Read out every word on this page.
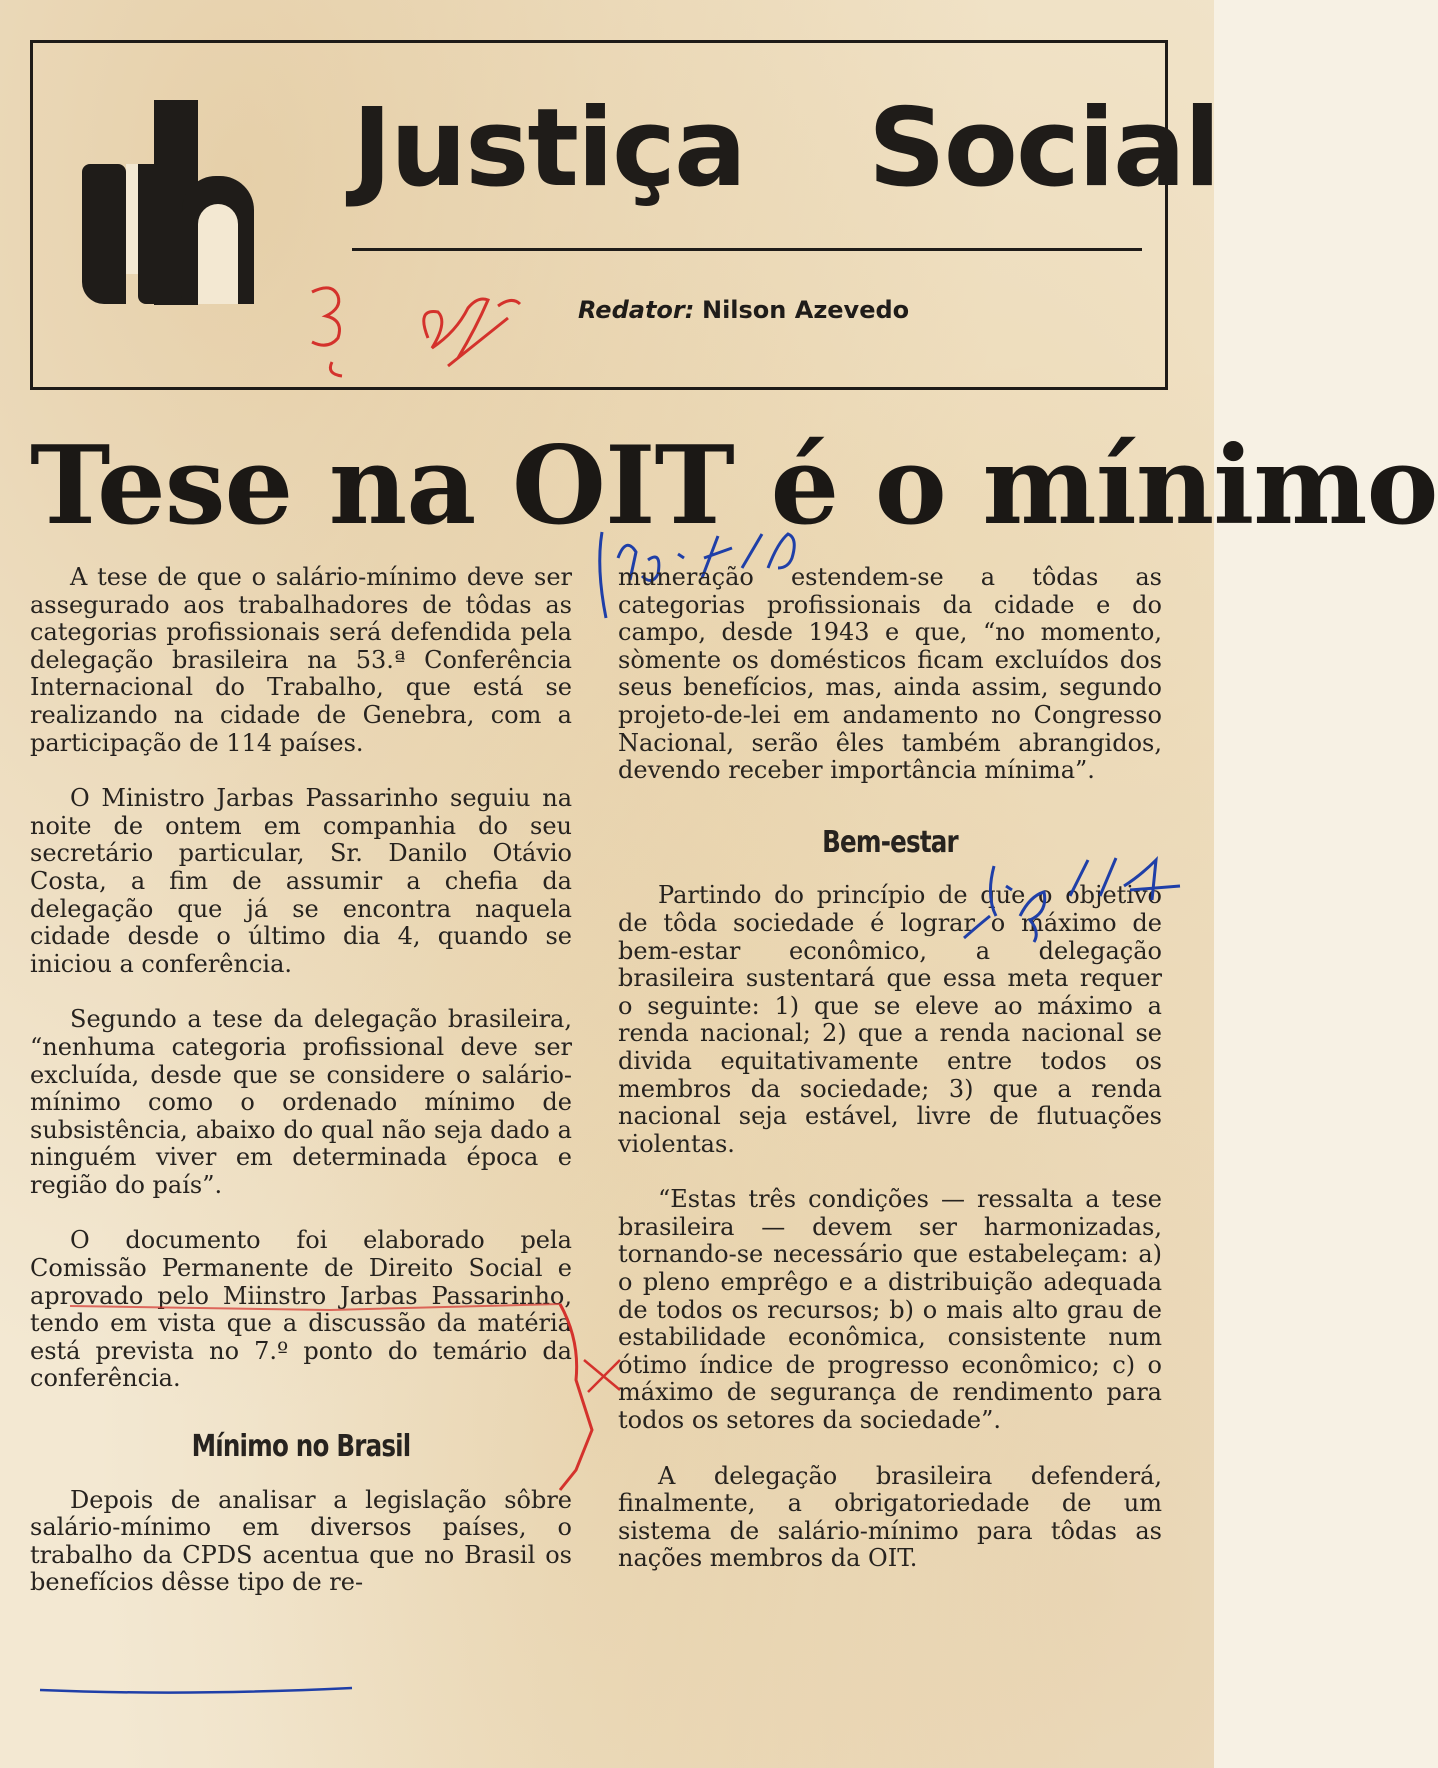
Justiça Social
Redator: Nilson Azevedo
Tese na OIT é o mínimo

A tese de que o salário-mínimo deve ser assegurado aos trabalhadores de tôdas as categorias profissionais será defendida pela delegação brasileira na 53.ª Conferência Internacional do Trabalho, que está se realizando na cidade de Genebra, com a participação de 114 países.

O Ministro Jarbas Passarinho seguiu na noite de ontem em companhia do seu secretário particular, Sr. Danilo Otávio Costa, a fim de assumir a chefia da delegação que já se encontra naquela cidade desde o último dia 4, quando se iniciou a conferência.

Segundo a tese da delegação brasileira, “nenhuma categoria profissional deve ser excluída, desde que se considere o salário-mínimo como o ordenado mínimo de subsistência, abaixo do qual não seja dado a ninguém viver em determinada época e região do país”.

O documento foi elaborado pela Comissão Permanente de Direito Social e aprovado pelo Miinstro Jarbas Passarinho, tendo em vista que a discussão da matéria está prevista no 7.º ponto do temário da conferência.

Mínimo no Brasil

Depois de analisar a legislação sôbre salário-mínimo em diversos países, o trabalho da CPDS acentua que no Brasil os benefícios dêsse tipo de re-

muneração estendem-se a tôdas as categorias profissionais da cidade e do campo, desde 1943 e que, “no momento, sòmente os domésticos ficam excluídos dos seus benefícios, mas, ainda assim, segundo projeto-de-lei em andamento no Congresso Nacional, serão êles também abrangidos, devendo receber importância mínima”.

Bem-estar

Partindo do princípio de que o objetivo de tôda sociedade é lograr o máximo de bem-estar econômico, a delegação brasileira sustentará que essa meta requer o seguinte: 1) que se eleve ao máximo a renda nacional; 2) que a renda nacional se divida equitativamente entre todos os membros da sociedade; 3) que a renda nacional seja estável, livre de flutuações violentas.

“Estas três condições — ressalta a tese brasileira — devem ser harmonizadas, tornando-se necessário que estabeleçam: a) o pleno emprêgo e a distribuição adequada de todos os recursos; b) o mais alto grau de estabilidade econômica, consistente num ótimo índice de progresso econômico; c) o máximo de segurança de rendimento para todos os setores da sociedade”.

A delegação brasileira defenderá, finalmente, a obrigatoriedade de um sistema de salário-mínimo para tôdas as nações membros da OIT.
